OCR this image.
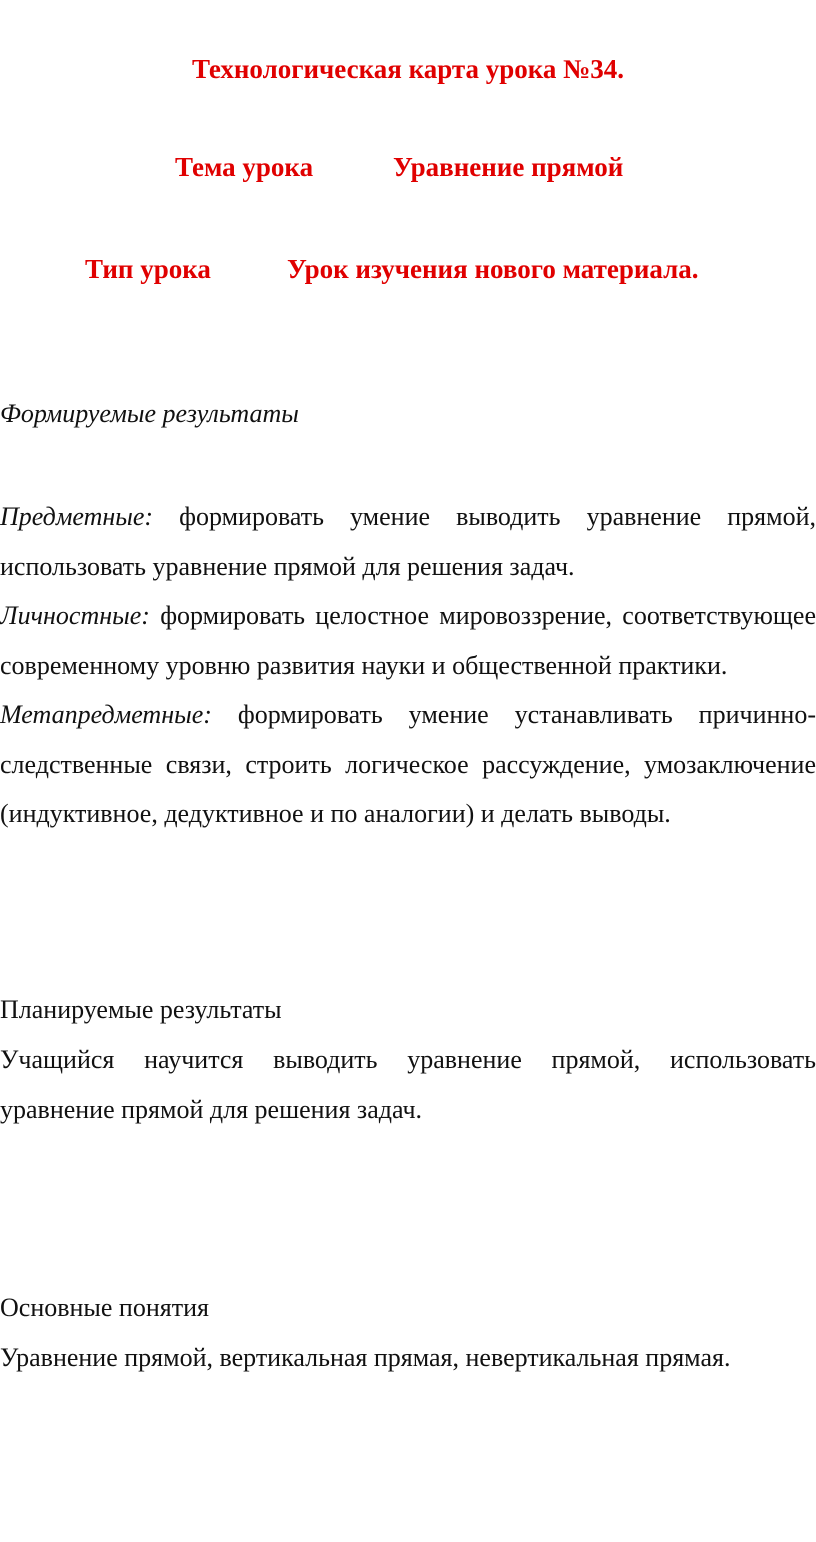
Технологическая карта урока №34.
Тема урока	Уравнение прямой
Тип урока	Урок изучения нового материала.
Формируемые результаты

Предметные: формировать умение выводить уравнение прямой, использовать уравнение прямой для решения задач.

Личностные: формировать целостное мировоззрение, соответствующее современному уровню развития науки и общественной практики.

Метапредметные: формировать умение устанавливать причинно-следственные связи, строить логическое рассуждение, умозаключение (индуктивное, дедуктивное и по аналогии) и делать выводы.

Планируемые результаты

Учащийся научится выводить уравнение прямой, использовать уравнение прямой для решения задач.

Основные понятия

Уравнение прямой, вертикальная прямая, невертикальная прямая.
